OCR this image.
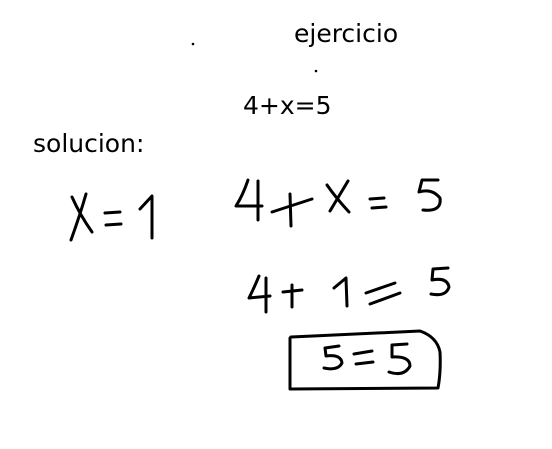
ejercicio
4+x=5
solucion:
